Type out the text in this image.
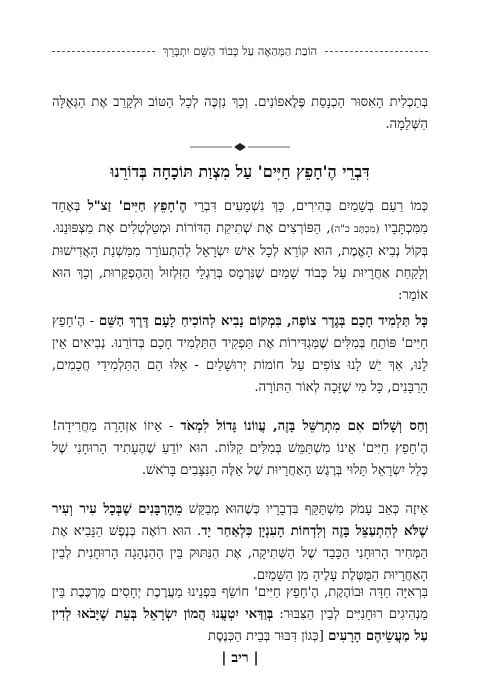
הוֹבַת הַמְּהַאֶה עַל כְּבוֹד הַשֵּׁם יִתְבָּרֵךְ

בְּתַכְלִית הָאִסּוּר הַכְנָסַת פֶּלֶאפוֹנִים. וְכָךְ נִזְכֶּה לְכָל הַטּוֹב וּלְקָרֵב אֶת הַגְּאֻלָּה הַשְּׁלֵמָה.

דִּבְרֵי הֶ'חָפֵץ חַיִּים' עַל מִצְוַת תּוֹכָחָה בְּדוֹרֵנוּ

כְּמוֹ רַעַם בְּשָׁמַיִם בְּהִירִים, כָּךְ נִשְׁמָעִים דִּבְרֵי הֶ'חָפֵץ חַיִּים' זַצ"ל בְּאֶחָד מִמִּכְתָּבָיו (מִכְתָּב כ"ה), הַפּוֹרְצִים אֶת שְׁתִיקַת הַדּוֹרוֹת וּמְטַלְטְלִים אֶת מַצְפּוּנֵנוּ. בְּקוֹל נְבִיא הָאֱמֶת, הוּא קוֹרֵא לְכָל אִישׁ יִשְׂרָאֵל לְהִתְעוֹרֵר מִמִּשְׁנַת הָאֲדִישׁוּת וְלָקַחַת אַחֲרָיוּת עַל כְּבוֹד שָׁמַיִם שֶׁנִּרְמָס בְּרַגְלֵי הַזִּלְזוּל וְהַהֶפְקֵרוּת, וְכָךְ הוּא אוֹמֵר:

כָּל תַּלְמִיד חָכָם בְּגֶדֶר צוֹפֶה, בִּמְקוֹם נָבִיא לְהוֹכִיחַ לָעָם דֶּרֶךְ הַשֵּׁם - הֶ'חָפֵץ חַיִּים' פּוֹתֵחַ בְּמִלִּים שֶׁמַּגְדִּירוֹת אֶת תַּפְקִיד הַתַּלְמִיד חָכָם בְּדוֹרֵנוּ. נְבִיאִים אֵין לָנוּ, אַךְ יֵשׁ לָנוּ צוֹפִים עַל חוֹמוֹת יְרוּשָׁלַיִם - אֵלּוּ הֵם הַתַּלְמִידֵי חֲכָמִים, הָרַבָּנִים, כָּל מִי שֶׁזָּכָה לְאוֹר הַתּוֹרָה.

וְחַס וְשָׁלוֹם אִם מִתְרַשֵּׁל בָּזֶה, עֲווֹנוֹ גָּדוֹל לִמְאֹד - אֵיזוֹ אַזְהָרָה מַחֲרִידָה! הֶ'חָפֵץ חַיִּים' אֵינוֹ מִשְׁתַּמֵּשׁ בְּמִלִּים קַלּוֹת. הוּא יוֹדֵעַ שֶׁהֶעָתִיד הָרוּחָנִי שֶׁל כְּלַל יִשְׂרָאֵל תָּלוּי בְּרֶגֶשׁ הָאַחֲרָיוּת שֶׁל אֵלֶּה הַנִּצָּבִים בָּרֹאשׁ.

אֵיזֶה כְּאֵב עָמֹק מִשְׁתַּקֵּף בִּדְבָרָיו כְּשֶׁהוּא מְבַקֵּשׁ מֵהָרַבָּנִים שֶׁבְּכָל עִיר וְעִיר שֶׁלֹּא לְהִתְעַצֵּל בָּזֶה וְלִדְחוֹת הָעִנְיָן כִּלְאַחַר יָד. הוּא רוֹאֶה בְּנֶפֶשׁ הַנָּבִיא אֶת הַמְּחִיר הָרוּחָנִי הַכָּבֵד שֶׁל הַשְּׁתִיקָה, אֶת הַנִּתּוּק בֵּין הַהַנְהָגָה הָרוּחָנִית לְבֵין הָאַחֲרָיוּת הַמֻּטֶּלֶת עָלֶיהָ מִן הַשָּׁמַיִם.

בִּרְאִיָּה חַדָּה וּבוֹהֶקֶת, הֶ'חָפֵץ חַיִּים' חוֹשֵׂף בִּפְנֵינוּ מַעֲרֶכֶת יְחָסִים מֻרְכֶּבֶת בֵּין מַנְהִיגִים רוּחָנִיִּים לְבֵין הַצִּבּוּר: בְּוַדַּאי יִטְעֲנוּ הֲמוֹן יִשְׂרָאֵל בְּעֵת שֶׁיָּבֹאוּ לְדִין עַל מַעֲשֵׂיהֶם הָרָעִים [כְּגוֹן דִּבּוּר בְּבֵית הַכְּנֶסֶת

| ריב |
